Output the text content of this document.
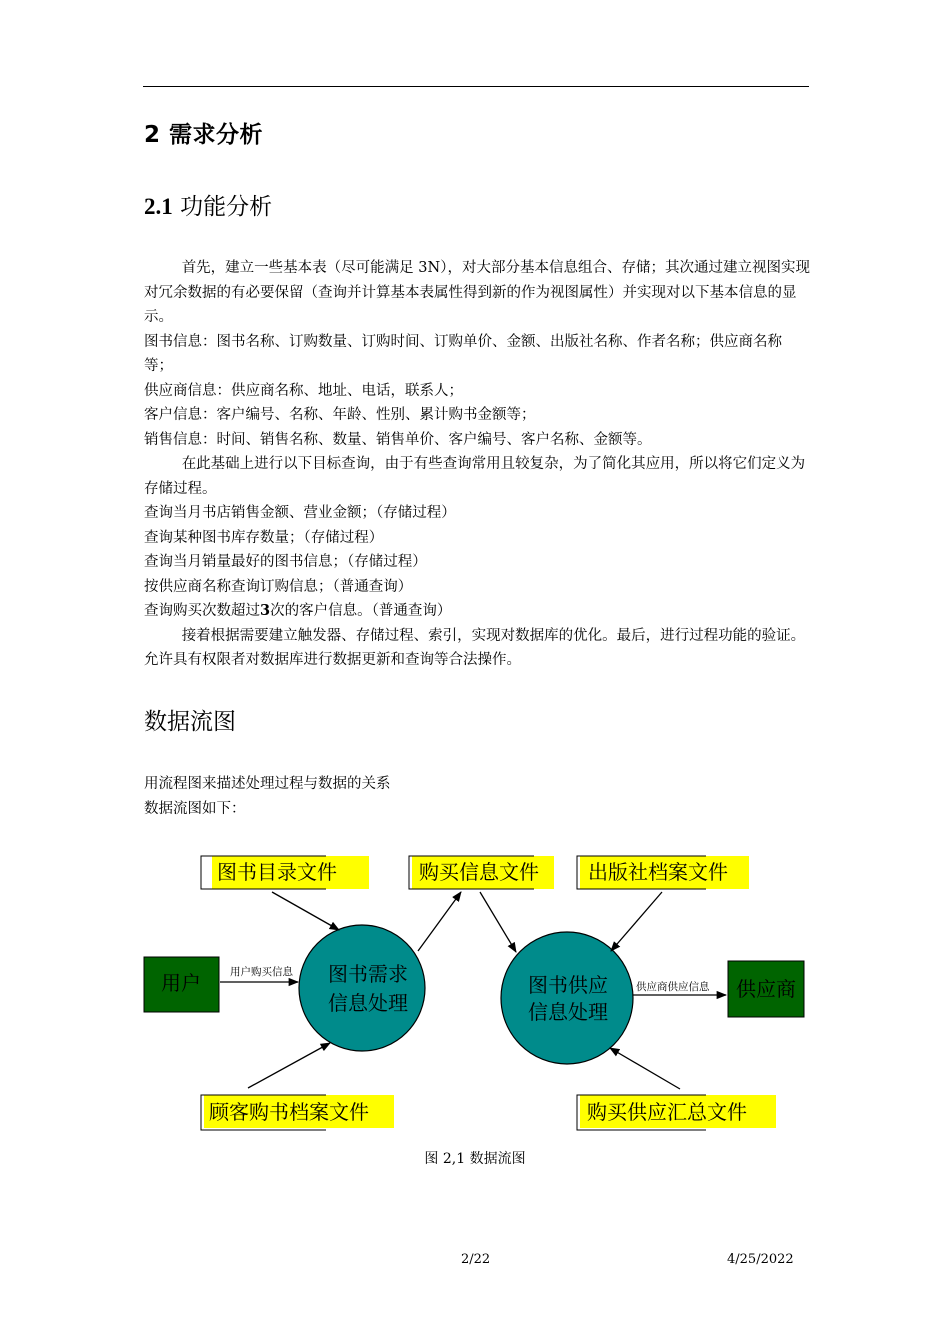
2 需求分析
2.1 功能分析

首先，建立一些基本表（尽可能满足 3N），对大部分基本信息组合、存储；其次通过建立视图实现对冗余数据的有必要保留（查询并计算基本表属性得到新的作为视图属性）并实现对以下基本信息的显示。

图书信息：图书名称、订购数量、订购时间、订购单价、金额、出版社名称、作者名称；供应商名称等；

供应商信息：供应商名称、地址、电话，联系人；

客户信息：客户编号、名称、年龄、性别、累计购书金额等；

销售信息：时间、销售名称、数量、销售单价、客户编号、客户名称、金额等。

在此基础上进行以下目标查询，由于有些查询常用且较复杂，为了简化其应用，所以将它们定义为存储过程。

查询当月书店销售金额、营业金额；（存储过程）

查询某种图书库存数量；（存储过程）

查询当月销量最好的图书信息；（存储过程）

按供应商名称查询订购信息；（普通查询）

查询购买次数超过3次的客户信息。（普通查询）

接着根据需要建立触发器、存储过程、索引，实现对数据库的优化。最后，进行过程功能的验证。允许具有权限者对数据库进行数据更新和查询等合法操作。

数据流图

用流程图来描述处理过程与数据的关系

数据流图如下：

图书目录文件	购买信息文件 出版社档案文件
顾客购书档案文件	购买供应汇总文件
用户	供应商
图书需求
信息处理
图书供应
信息处理
用户购买信息
供应商供应信息
图 2,1 数据流图
2/22	4/25/2022
